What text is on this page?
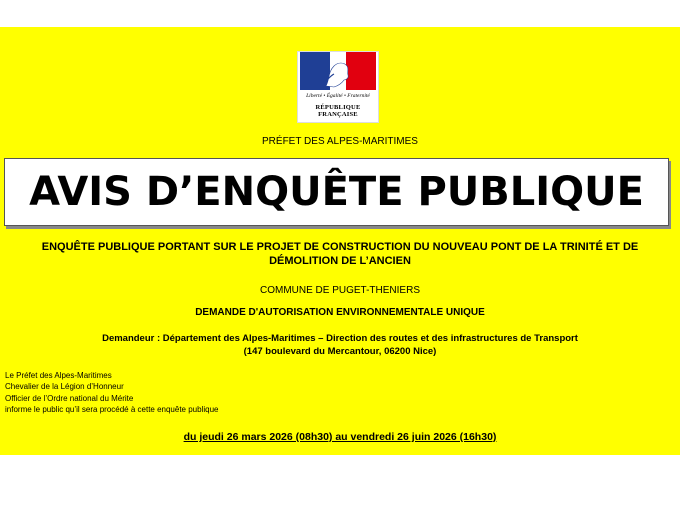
Liberté • Égalité • Fraternité
RÉPUBLIQUE FRANÇAISE
PRÉFET DES ALPES-MARITIMES
AVIS D’ENQUÊTE PUBLIQUE
ENQUÊTE PUBLIQUE PORTANT SUR LE PROJET DE CONSTRUCTION DU NOUVEAU PONT DE LA TRINITÉ ET DE
DÉMOLITION DE L’ANCIEN
COMMUNE DE PUGET-THENIERS
DEMANDE D'AUTORISATION ENVIRONNEMENTALE UNIQUE
Demandeur : Département des Alpes-Maritimes – Direction des routes et des infrastructures de Transport
(147 boulevard du Mercantour, 06200 Nice)
Le Préfet des Alpes-Maritimes
Chevalier de la Légion d’Honneur
Officier de l’Ordre national du Mérite
informe le public qu’il sera procédé à cette enquête publique
du jeudi 26 mars 2026 (08h30) au vendredi 26 juin 2026 (16h30)
